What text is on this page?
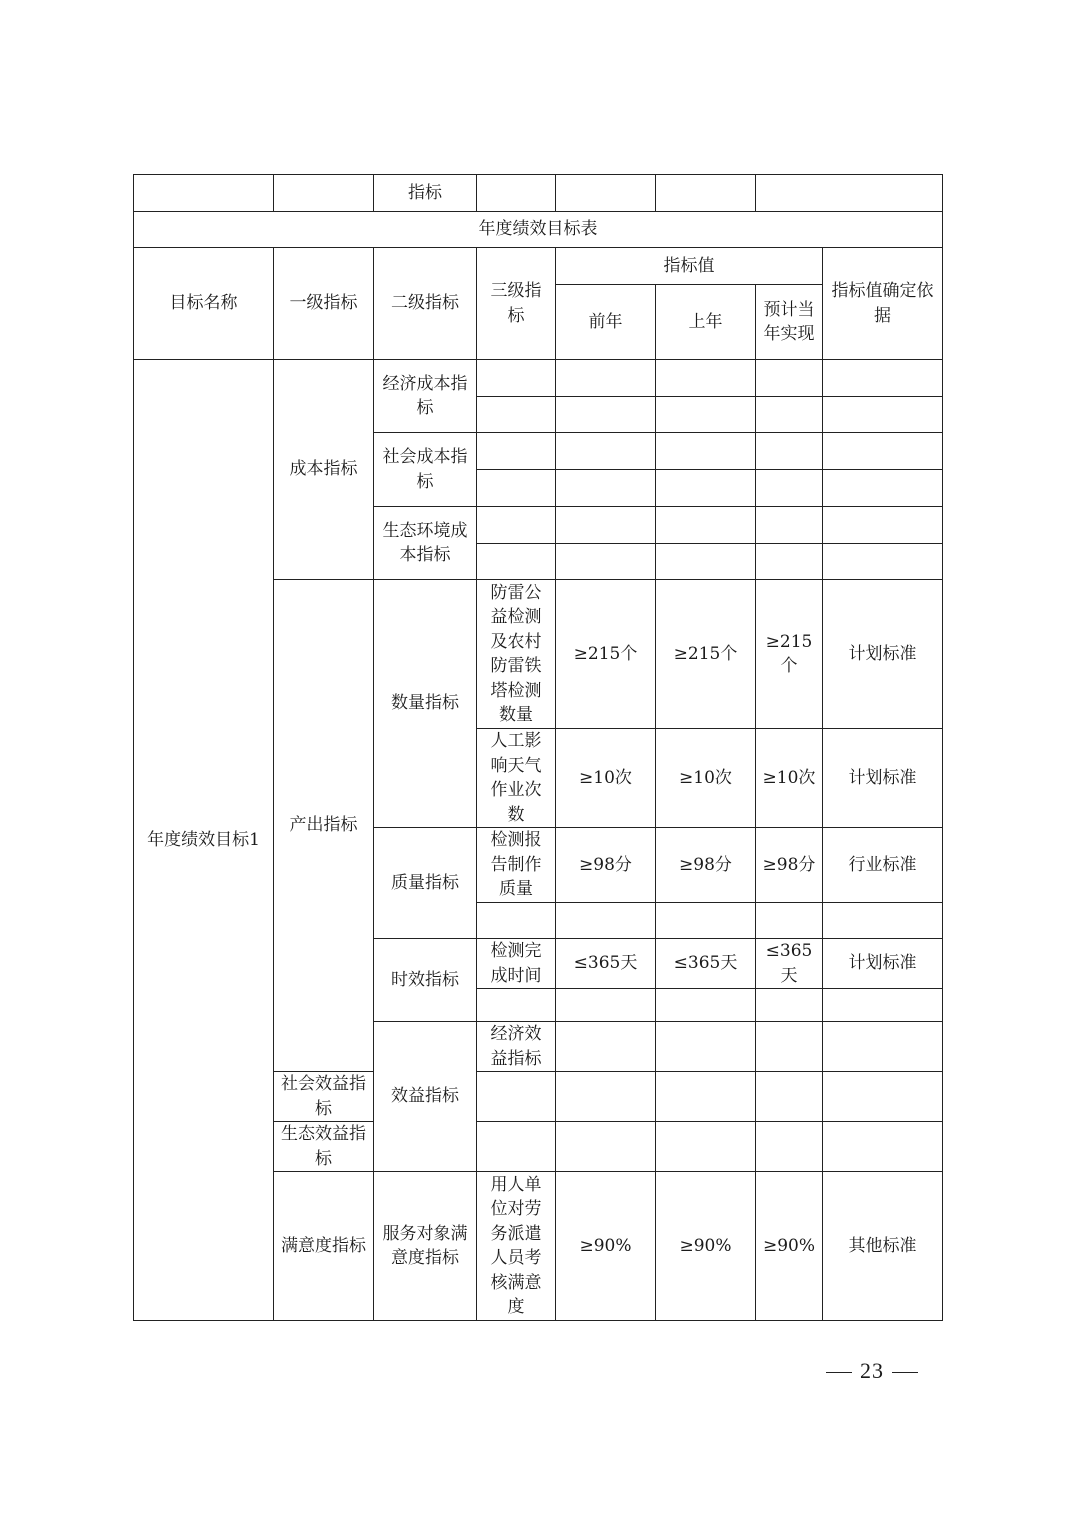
		指标						
年度绩效目标表								
目标名称	一级指标	二级指标	三级指标	指标值			指标值确定依据	
				前年	上年	预计当年实现		
年度绩效目标1	成本指标	经济成本指标						

		社会成本指标						

		生态环境成本指标						

	产出指标	数量指标	防雷公益检测及农村防雷铁塔检测数量	≥215个	≥215个	≥215个	计划标准	
			人工影响天气作业次数	≥10次	≥10次	≥10次	计划标准	
		质量指标	检测报告制作质量	≥98分	≥98分	≥98分	行业标准	

		时效指标	检测完成时间	≤365天	≤365天	≤365天	计划标准	

		效益指标	经济效益指标					
	社会效益指标							
	生态效益指标							
	满意度指标	服务对象满意度指标	用人单位对劳务派遣人员考核满意度	≥90%	≥90%	≥90%	其他标准	
23
